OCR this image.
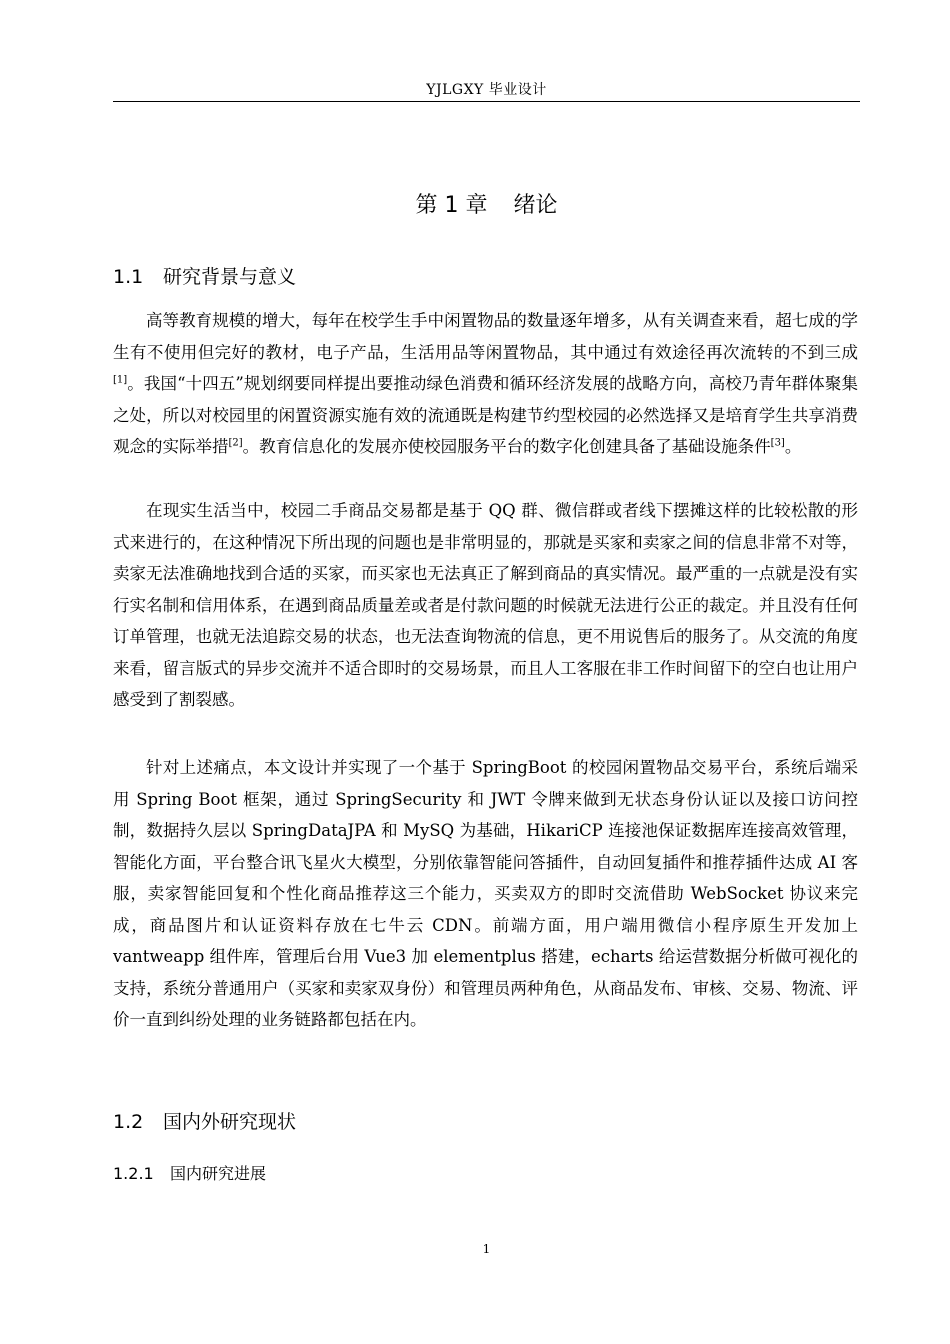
YJLGXY 毕业设计
第 1 章 绪论
1.1 研究背景与意义

高等教育规模的增大，每年在校学生手中闲置物品的数量逐年增多，从有关调查来看，超七成的学生有不使用但完好的教材，电子产品，生活用品等闲置物品，其中通过有效途径再次流转的不到三成[1]。我国“十四五”规划纲要同样提出要推动绿色消费和循环经济发展的战略方向，高校乃青年群体聚集之处，所以对校园里的闲置资源实施有效的流通既是构建节约型校园的必然选择又是培育学生共享消费观念的实际举措[2]。教育信息化的发展亦使校园服务平台的数字化创建具备了基础设施条件[3]。

在现实生活当中，校园二手商品交易都是基于 QQ 群、微信群或者线下摆摊这样的比较松散的形式来进行的，在这种情况下所出现的问题也是非常明显的，那就是买家和卖家之间的信息非常不对等，卖家无法准确地找到合适的买家，而买家也无法真正了解到商品的真实情况。最严重的一点就是没有实行实名制和信用体系，在遇到商品质量差或者是付款问题的时候就无法进行公正的裁定。并且没有任何订单管理，也就无法追踪交易的状态，也无法查询物流的信息，更不用说售后的服务了。从交流的角度来看，留言版式的异步交流并不适合即时的交易场景，而且人工客服在非工作时间留下的空白也让用户感受到了割裂感。

针对上述痛点，本文设计并实现了一个基于 SpringBoot 的校园闲置物品交易平台，系统后端采用 Spring Boot 框架，通过 SpringSecurity 和 JWT 令牌来做到无状态身份认证以及接口访问控制，数据持久层以 SpringDataJPA 和 MySQ 为基础，HikariCP 连接池保证数据库连接高效管理，智能化方面，平台整合讯飞星火大模型，分别依靠智能问答插件，自动回复插件和推荐插件达成 AI 客服，卖家智能回复和个性化商品推荐这三个能力，买卖双方的即时交流借助 WebSocket 协议来完成，商品图片和认证资料存放在七牛云 CDN。前端方面，用户端用微信小程序原生开发加上 vantweapp 组件库，管理后台用 Vue3 加 elementplus 搭建，echarts 给运营数据分析做可视化的支持，系统分普通用户（买家和卖家双身份）和管理员两种角色，从商品发布、审核、交易、物流、评价一直到纠纷处理的业务链路都包括在内。

1.2 国内外研究现状
1.2.1 国内研究进展
1
